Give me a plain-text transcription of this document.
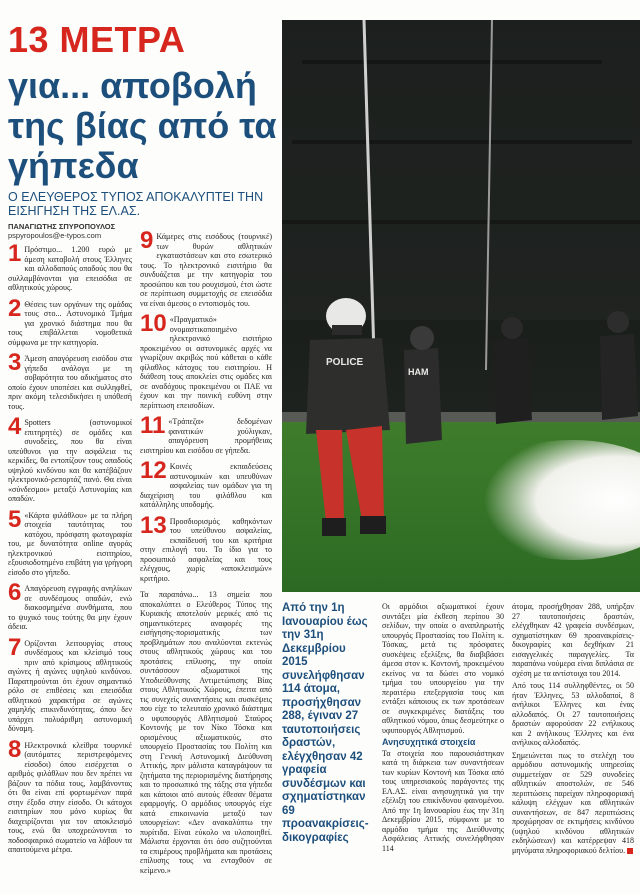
13 ΜΕΤΡΑ
για... αποβολή της βίας από τα γήπεδα
Ο ΕΛΕΥΘΕΡΟΣ ΤΥΠΟΣ ΑΠΟΚΑΛΥΠΤΕΙ ΤΗΝ ΕΙΣΗΓΗΣΗ ΤΗΣ ΕΛ.ΑΣ.
ΠΑΝΑΓΙΩΤΗΣ ΣΠΥΡΟΠΟΥΛΟΣ
pspyropoulos@e-typos.com
1 Πρόστιμο... 1.200 ευρώ με άμεση καταβολή στους Έλληνες και αλλοδαπούς οπαδούς που θα συλλαμβάνονται για επεισόδια σε αθλητικούς χώρους.
2 Θέσεις των οργάνων της ομάδας τους στο... Αστυνομικό Τμήμα για χρονικό διάστημα που θα τους επιβάλλεται νομοθετικά σύμφωνα με την κατηγορία.
3 Άμεση απαγόρευση εισόδου στα γήπεδα ανάλογα με τη σοβαρότητα του αδικήματος στο οποίο έχουν υποπέσει και συλληφθεί, πριν ακόμη τελεσιδικήσει η υπόθεσή τους.
4 Spotters (αστυνομικοί επιτηρητές) σε ομάδες και συνοδείες, που θα είναι υπεύθυνοι για την ασφάλεια τις κερκίδες, θα εντοπίζουν τους οπαδούς υψηλού κινδύνου και θα κατέβάζουν ηλεκτρονικό-ρεπορτάζ πανό. Θα είναι «σύνδεσμοι» μεταξύ Αστυνομίας και οπαδών.
5 «Κάρτα φιλάθλου» με τα πλήρη στοιχεία ταυτότητας του κατόχου, πρόσφατη φωτογραφία του, με δυνατότητα online αγοράς ηλεκτρονικού εισιτηρίου, εξουσιοδοτημένο επιβάτη για γρήγορη είσοδο στο γήπεδο.
6 Απαγόρευση εγγραφής ανηλίκων σε συνδέσμους οπαδών, ενώ διακοσμημένα συνθήματα, που το ψυχικό τους τούτης θα μην έχουν άδεια.
7 Ορίζονται λειτουργίας στους συνδέσμους και κλείσιμό τους πριν από κρίσιμους αθλητικούς αγώνες ή αγώνες υψηλού κινδύνου. Παρατηρούνται ότι έχουν σημαντικό ρόλο σε επιθέσεις και επεισόδια αθλητικού χαρακτήρα σε αγώνες χαμηλής επικινδυνότητας, όπου δεν υπάρχει πολυάριθμη αστυνομική δύναμη.
8 Ηλεκτρονικά κλείθρα τουρνικέ (αυτόματες περιστρεφόμενες είσοδοι) όπου εισέρχεται ο αριθμός φιλάθλων που δεν πρέπει να βάζουν τα πόδια τους, λαμβάνοντας ότι θα είναι επί φορτωμένων παρά στην έξοδο στην είσοδο. Οι κάτοχοι εισιτηρίων που μόνο κυρίως θα διαχειρίζονται για τον αποκλεισμό τους, ενώ θα υποχρεώνονται το ποδοσφαιρικό σωματείο να λάβουν τα απαιτούμενα μέτρα.
9 Κάμερες στις εισόδους (τουρνικέ) των θυρών αθλητικών εγκαταστάσεων και στο εσωτερικό τους. Το ηλεκτρονικό εισιτήριο θα συνδυάζεται με την κατηγορία του προσώπου και του ρουχισμού, έτσι ώστε σε περίπτωση συμμετοχής σε επεισόδια να είναι άμεσος ο εντοπισμός του.
10 «Πραγματικό» ονομαστικοποιημένο ηλεκτρονικό εισιτήριο προκειμένου οι αστυνομικές αρχές να γνωρίζουν ακριβώς πού κάθεται ο κάθε φίλαθλος κάτοχος του εισιτηρίου. Η διάθεση τους αποκλείει στις ομάδες και σε αναδόχους προκειμένου οι ΠΑΕ να έχουν και την ποινική ευθύνη στην περίπτωση επεισοδίων.
11 «Τράπεζα» δεδομένων φανατικών χούλιγκαν, απαγόρευση προμήθειας εισιτηρίου και εισόδου σε γήπεδα.
12 Κοινές εκπαιδεύσεις αστυνομικών και υπευθύνων ασφαλείας των ομάδων για τη διαχείριση του φιλάθλου και κατάλληλης υποδομής.
13 Προσδιορισμός καθηκόντων του υπεύθυνου ασφαλείας, εκπαίδευσή του και κριτήρια στην επιλογή του. Το ίδιο για το προσωπικό ασφαλείας και τους ελέγχους, χωρίς «αποκλεισμών» κριτήριο.
Τα παραπάνω... 13 σημεία που αποκαλύπτει ο Ελεύθερος Τύπος της Κυριακής αποτελούν μερικές από τις σημαντικότερες αναφορές της εισήγησης-πορισματικής των προβλημάτων που αναλύονται εκτενώς στους αθλητικούς χώρους και του προτάσεις επίλυσης, την οποία συντάσσουν αξιωματικοί της Υποδιεύθυνσης Αντιμετώπισης Βίας στους Αθλητικούς Χώρους, έπειτα από τις συνεχείς συναντήσεις και συσκέψεις που είχε το τελευταίο χρονικό διάστημα ο υφυπουργός Αθλητισμού Σταύρος Κοντονής με τον Νίκο Τόσκα και ορισμένους αξιωματικούς, στο υπουργείο Προστασίας του Πολίτη και στη Γενική Αστυνομική Διεύθυνση Αττικής, πριν μάλιστα καταγράψουν τα ζητήματα της περιορισμένης διατήρησης και το προσωπικό της τάξης στα γήπεδα και κάποιοι από αυτούς έθεσαν θέματα εφαρμογής. Ο αρμόδιος υπουργός είχε κατά επικοινωνία μεταξύ των υπουργείων: «Δεν ανακαλύπτω την πυρίτιδα. Είναι εύκολο να υλοποιηθεί. Μάλιστα έρχονται ότι όσο συζητούνται τα επιμέρους προβλήματα και προτάσεις επίλυσης τους να ενταχθούν σε κείμενο.»
POLICE
HAM
Από την 1η Ιανουαρίου έως την 31η Δεκεμβρίου 2015 συνελήφθησαν 114 άτομα, προσήχθησαν 288, έγιναν 27 ταυτοποιήσεις δραστών, ελέγχθησαν 42 γραφεία συνδέσμων και σχηματίστηκαν 69 προανακρίσεις-δικογραφίες
Οι αρμόδιοι αξιωματικοί έχουν συντάξει μία έκθεση περίπου 30 σελίδων, την οποία ο αναπληρωτής υπουργός Προστασίας του Πολίτη κ. Τόσκας, μετά τις πρόσφατες συσκέψεις εξελίξεις, θα διαβιβάσει άμεσα στον κ. Κοντονή, προκειμένου εκείνος να τα δώσει στο νομικό τμήμα του υπουργείου για την περαιτέρω επεξεργασία τους και εντάξει κάποιους εκ των προτάσεων σε συγκεκριμένες διατάξεις του αθλητικού νόμου, όπως δεσμεύτηκε ο υφυπουργός Αθλητισμού.
Ανησυχητικά στοιχεία
Τα στοιχεία που παρουσιάστηκαν κατά τη διάρκεια των συναντήσεων των κυρίων Κοντονή και Τόσκα από τους υπηρεσιακούς παράγοντες της ΕΛ.ΑΣ. είναι ανησυχητικά για την εξέλιξη του επικίνδυνου φαινομένου. Από την 1η Ιανουαρίου έως την 31η Δεκεμβρίου 2015, σύμφωνα με το αρμόδιο τμήμα της Διεύθυνσης Ασφάλειας Αττικής συνελήφθησαν 114
άτομα, προσήχθησαν 288, υπήρξαν 27 ταυτοποιήσεις δραστών, ελέγχθηκαν 42 γραφεία συνδέσμων, σχηματίστηκαν 69 προανακρίσεις-δικογραφίες και δεχθήκαν 21 εισαγγελικές παραγγελίες. Τα παραπάνω νούμερα είναι διπλάσια σε σχέση με τα αντίστοιχα του 2014.
Από τους 114 συλληφθέντες, οι 50 ήταν Έλληνες, 53 αλλοδαποί, 8 ανήλικοι Έλληνες και ένας αλλοδαπός. Οι 27 ταυτοποιήσεις δραστών αφορούσαν 22 ενήλικους και 2 ανήλικους Έλληνες και ένα ανήλικος αλλοδαπός.
Σημειώνεται πως το στελέχη του αρμόδιου αστυνομικής υπηρεσίας συμμετείχαν σε 529 συνοδείες αθλητικών αποστολών, σε 546 περιπτώσεις παρείχαν πληροφοριακή κάλυψη ελέγχων και αθλητικών συναντήσεων, σε 847 περιπτώσεις προχώρησαν σε εκτιμήσεις κινδύνου (υψηλού κινδύνου αθλητικών εκδηλώσεων) και κατέρρεψαν 418 μηνύματα πληροφοριακού δελτίου.
